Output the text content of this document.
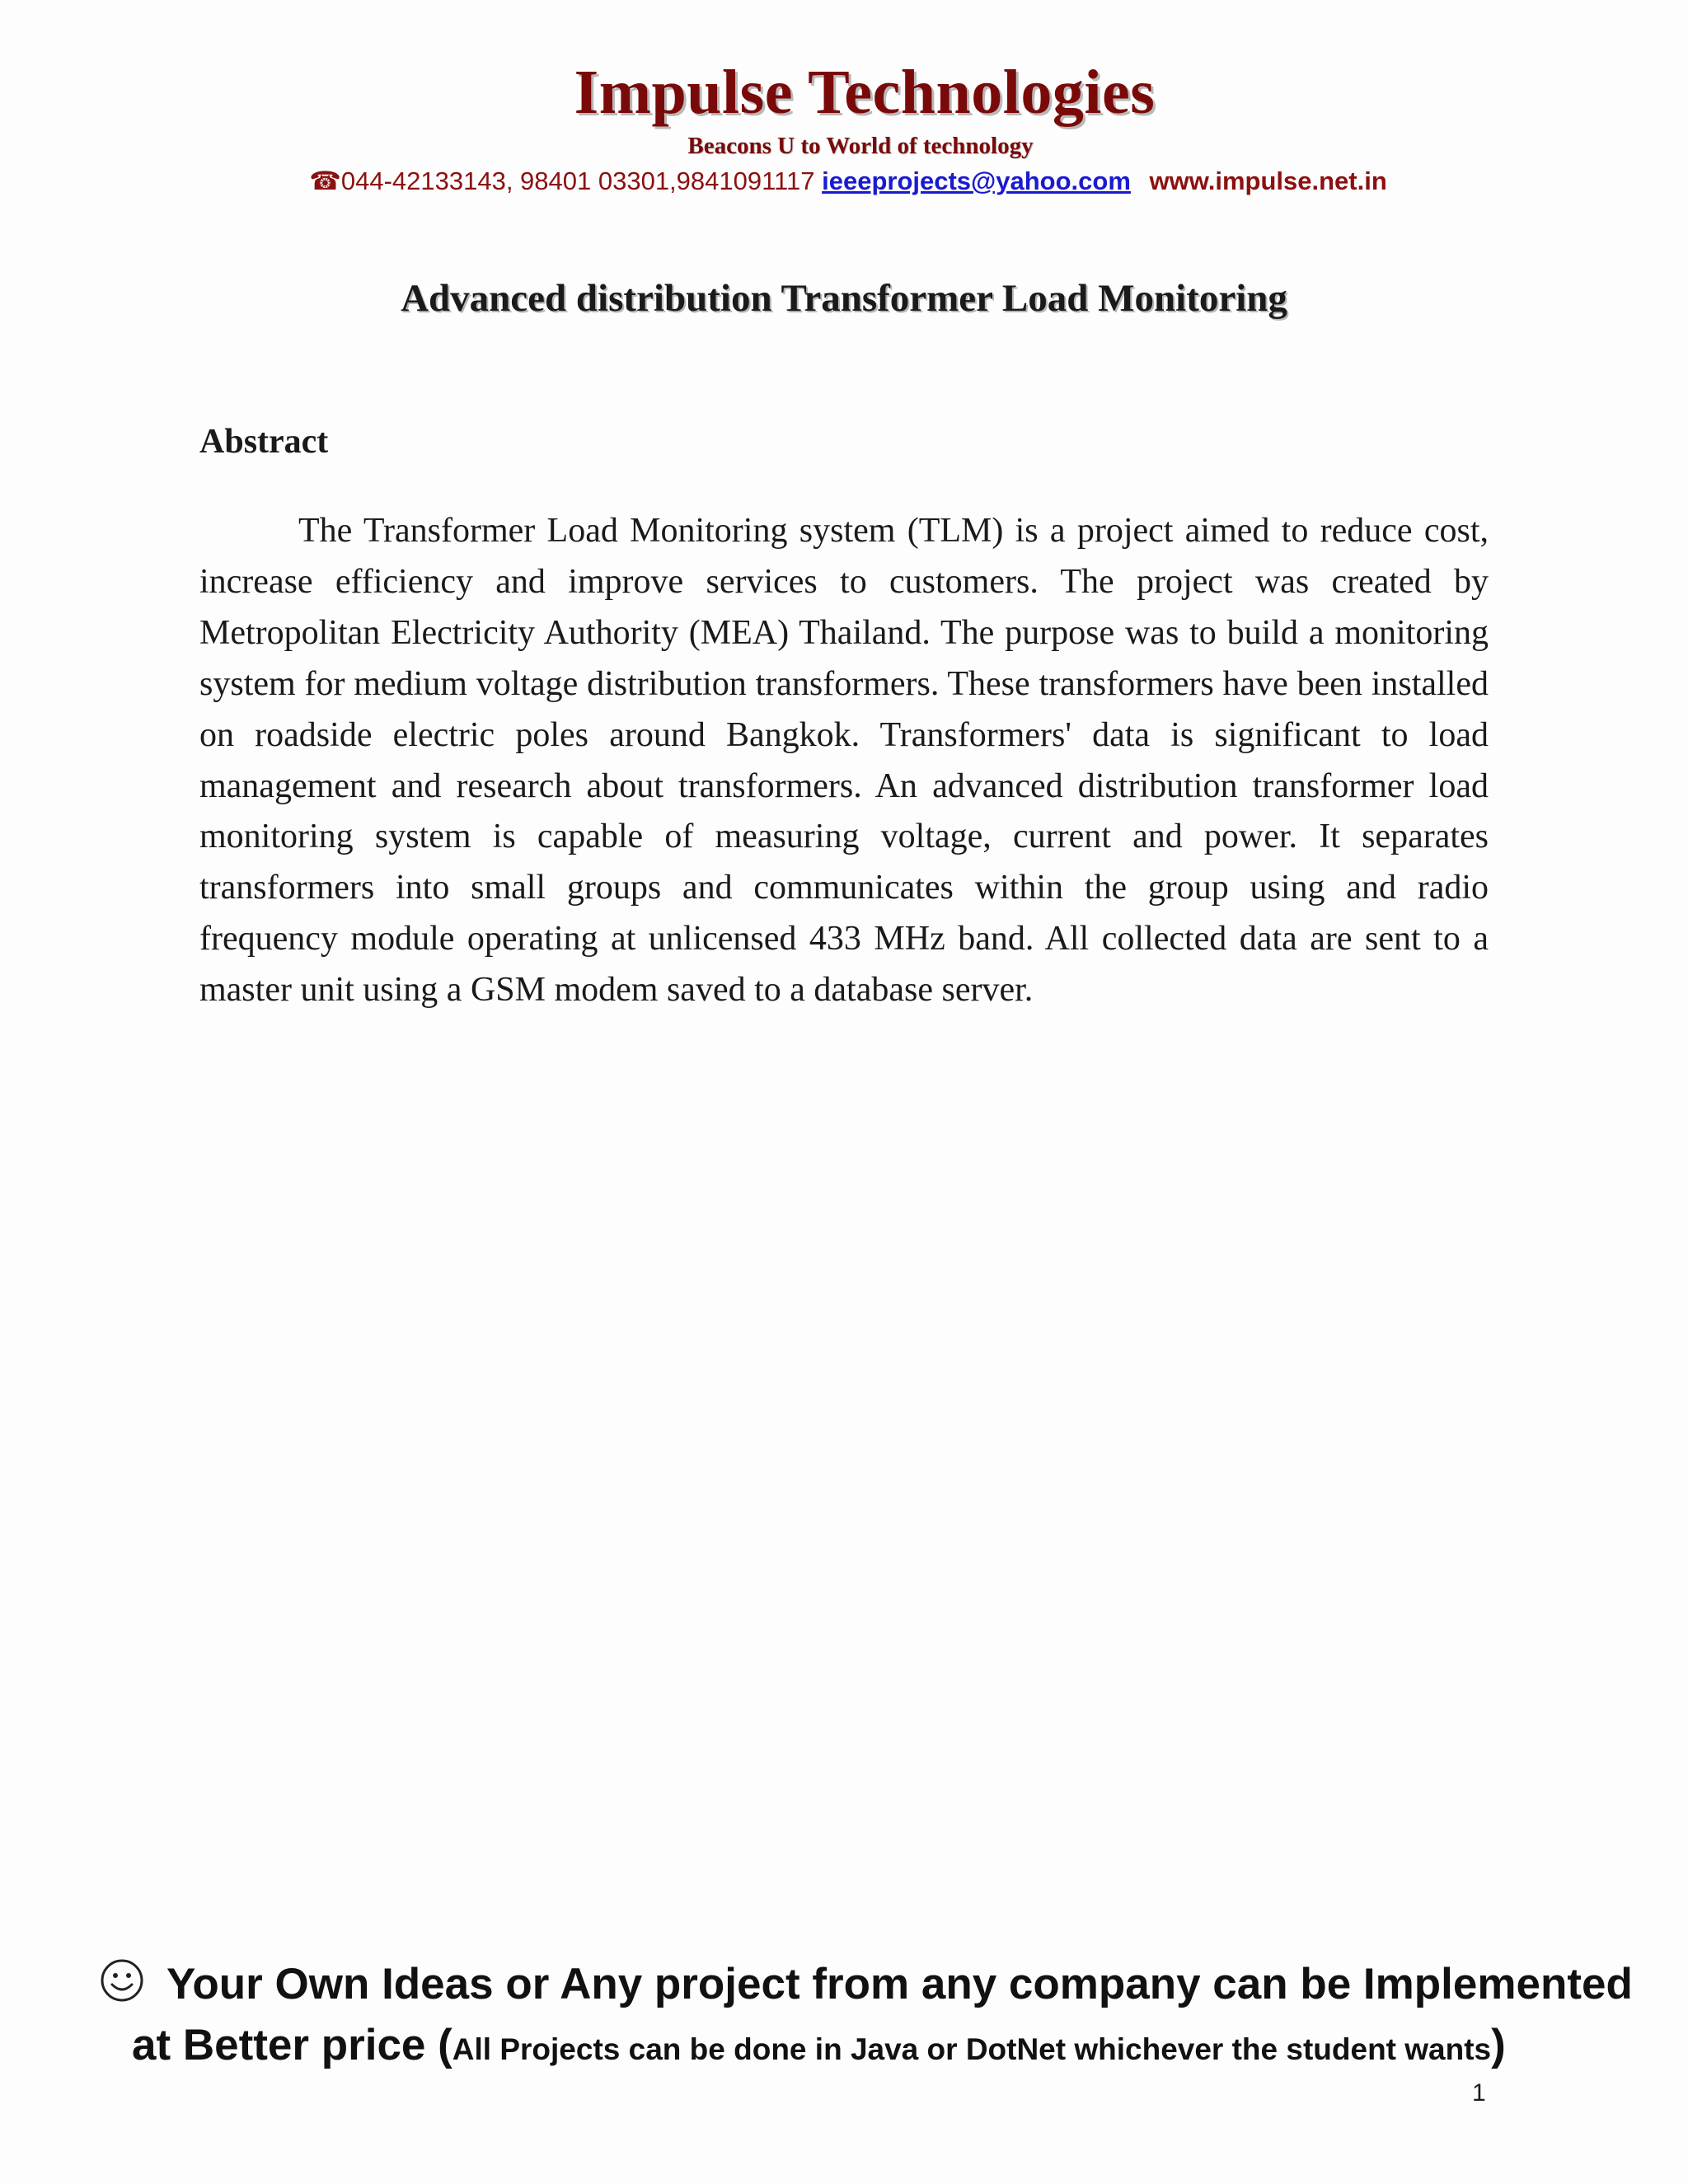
Impulse Technologies
Beacons U to World of technology
☎044-42133143, 98401 03301,9841091117 ieeeprojects@yahoo.com www.impulse.net.in
Advanced distribution Transformer Load Monitoring
Abstract

The Transformer Load Monitoring system (TLM) is a project aimed to reduce cost, increase efficiency and improve services to customers. The project was created by Metropolitan Electricity Authority (MEA) Thailand. The purpose was to build a monitoring system for medium voltage distribution transformers. These transformers have been installed on roadside electric poles around Bangkok. Transformers' data is significant to load management and research about transformers. An advanced distribution transformer load monitoring system is capable of measuring voltage, current and power. It separates transformers into small groups and communicates within the group using and radio frequency module operating at unlicensed 433 MHz band. All collected data are sent to a master unit using a GSM modem saved to a database server.

Your Own Ideas or Any project from any company can be Implemented
at Better price (All Projects can be done in Java or DotNet whichever the student wants)
1
